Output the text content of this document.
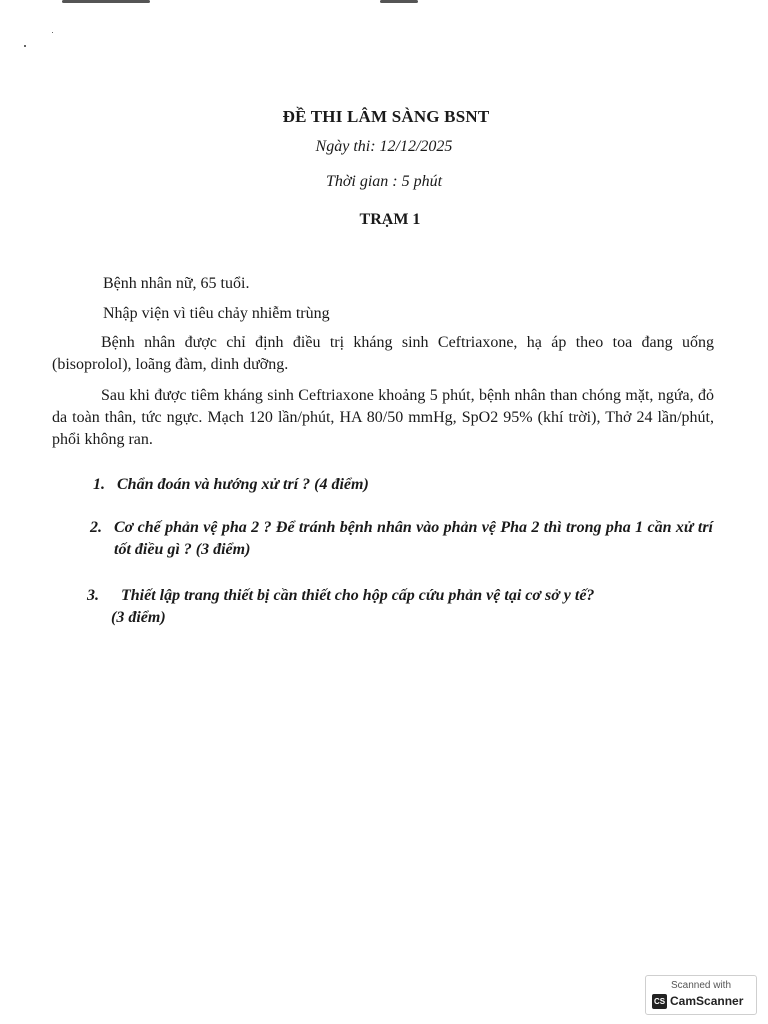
ĐỀ THI LÂM SÀNG BSNT
Ngày thi: 12/12/2025
Thời gian : 5 phút
TRẠM 1
Bệnh nhân nữ, 65 tuổi.
Nhập viện vì tiêu chảy nhiễm trùng
Bệnh nhân được chỉ định điều trị kháng sinh Ceftriaxone, hạ áp theo toa đang uống (bisoprolol), loãng đàm, dinh dưỡng.
Sau khi được tiêm kháng sinh Ceftriaxone khoảng 5 phút, bệnh nhân than chóng mặt, ngứa, đỏ da toàn thân, tức ngực. Mạch 120 lần/phút, HA 80/50 mmHg, SpO2 95% (khí trời), Thở 24 lần/phút, phổi không ran.
1. Chẩn đoán và hướng xử trí ? (4 điểm)
2. Cơ chế phản vệ pha 2 ? Để tránh bệnh nhân vào phản vệ Pha 2 thì trong pha 1 cần xử trí tốt điều gì ? (3 điểm)
3.	Thiết lập trang thiết bị cần thiết cho hộp cấp cứu phản vệ tại cơ sở y tế?
(3 điểm)
Scanned with
CS CamScanner
